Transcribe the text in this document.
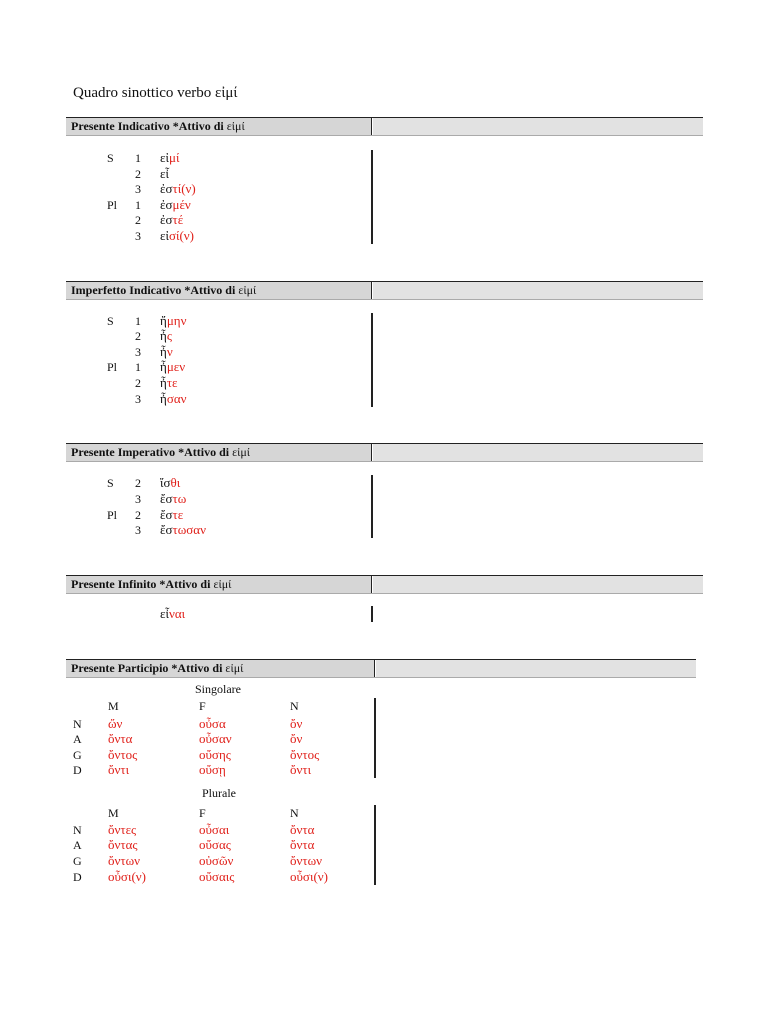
Quadro sinottico verbo εἰμί
Presente Indicativo *Attivo di εἰμί
S 1 εἰμί
2 εἶ
3 ἐστί(ν)
Pl 1 ἐσμέν
2 ἐστέ
3 εἰσί(ν)
Imperfetto Indicativo *Attivo di εἰμί
S 1 ἤμην
2 ἦς
3 ἦν
Pl 1 ἦμεν
2 ἦτε
3 ἦσαν
Presente Imperativo *Attivo di εἰμί
S 2 ἴσθι
3 ἔστω
Pl 2 ἔστε
3 ἔστωσαν
Presente Infinito *Attivo di εἰμί
εἶναι
Presente Participio *Attivo di εἰμί
Singolare
M	F	N
N ὤν	οὖσα	ὄν
A ὄντα	οὖσαν	ὄν
G ὄντος	οὔσης	ὄντος
D ὄντι	οὔσῃ	ὄντι
Plurale
M	F	N
N ὄντες	οὖσαι	ὄντα
A ὄντας	οὔσας	ὄντα
G ὄντων	οὐσῶν	ὄντων
D οὖσι(ν)	οὔσαις	οὖσι(ν)
